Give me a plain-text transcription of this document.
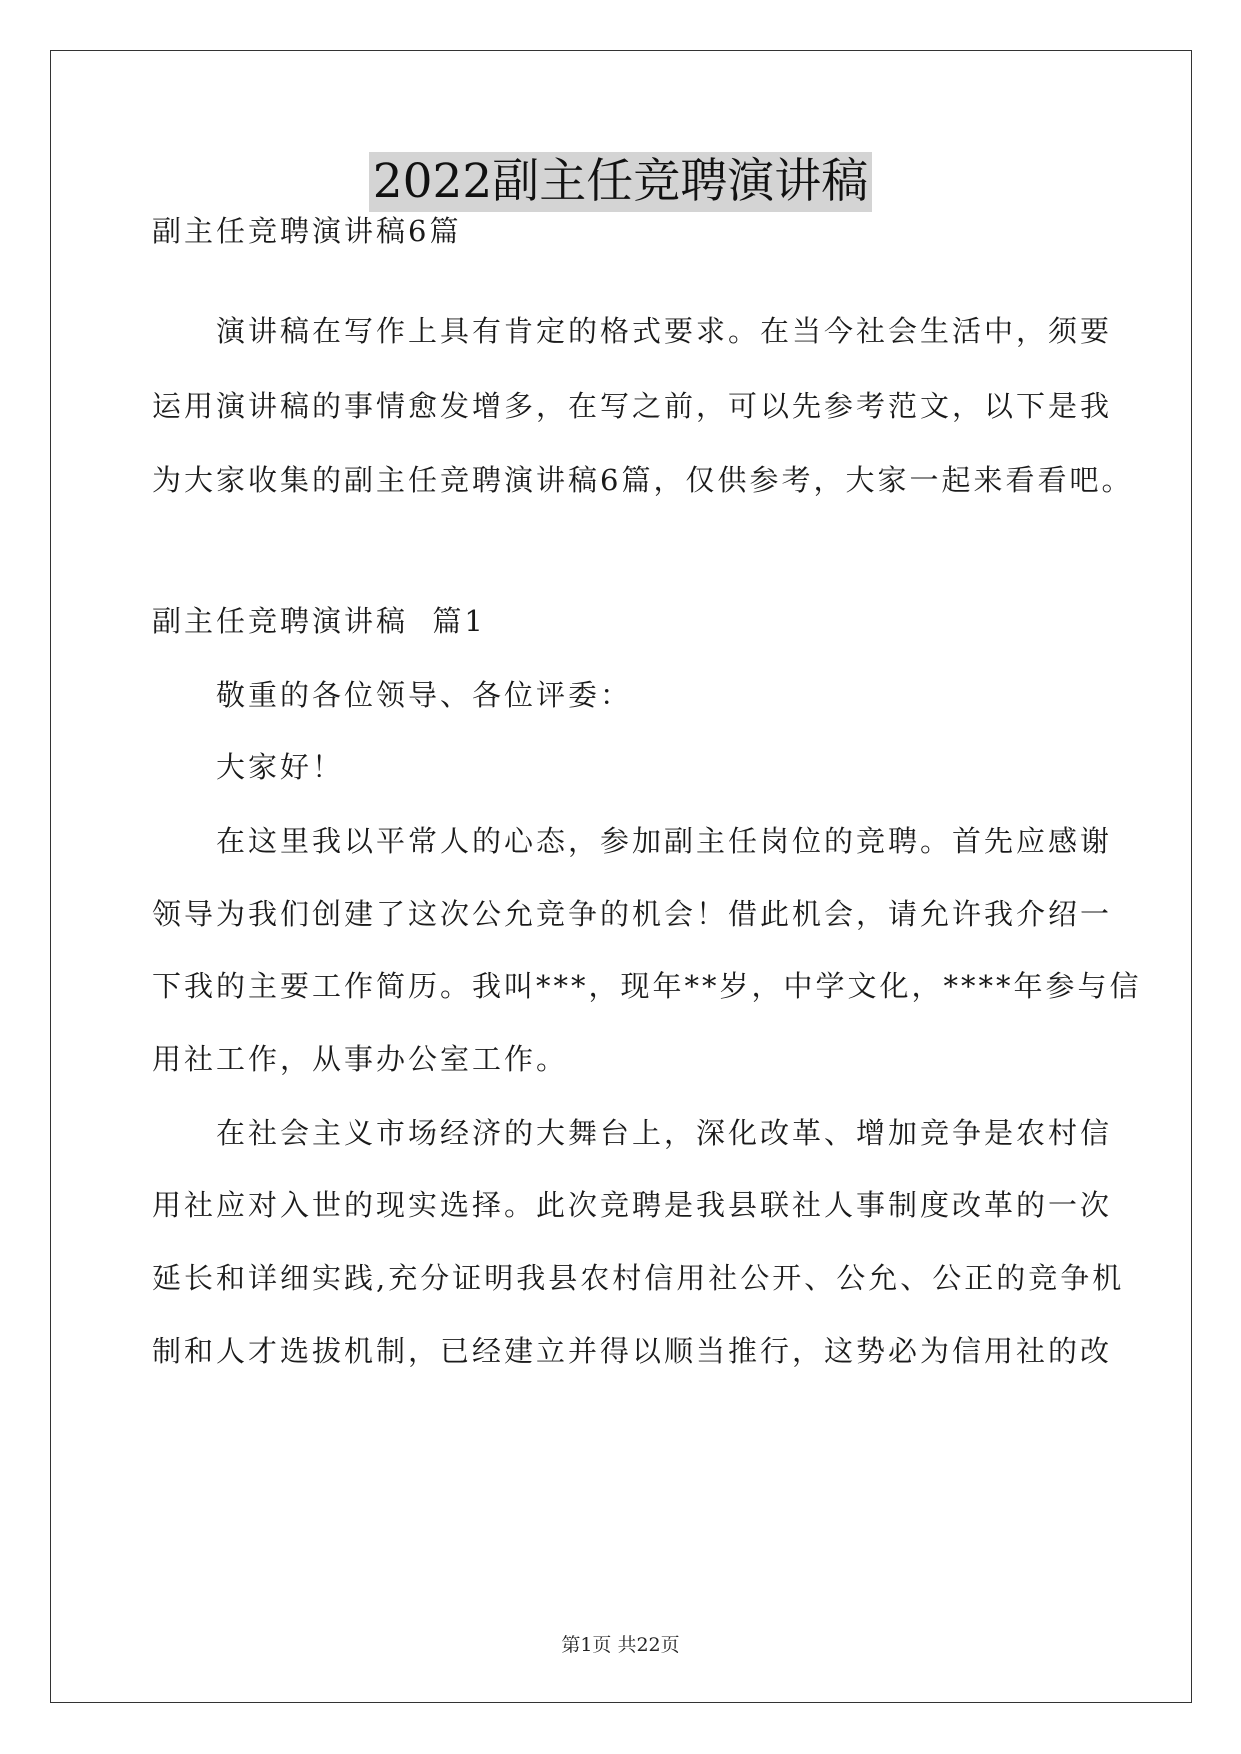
2022副主任竞聘演讲稿

副主任竞聘演讲稿6篇

　　演讲稿在写作上具有肯定的格式要求。在当今社会生活中，须要

运用演讲稿的事情愈发增多，在写之前，可以先参考范文，以下是我

为大家收集的副主任竞聘演讲稿6篇，仅供参考，大家一起来看看吧。

副主任竞聘演讲稿  篇1

　　敬重的各位领导、各位评委：

　　大家好！

　　在这里我以平常人的心态，参加副主任岗位的竞聘。首先应感谢

领导为我们创建了这次公允竞争的机会！借此机会，请允许我介绍一

下我的主要工作简历。我叫***，现年**岁，中学文化，****年参与信

用社工作，从事办公室工作。

　　在社会主义市场经济的大舞台上，深化改革、增加竞争是农村信

用社应对入世的现实选择。此次竞聘是我县联社人事制度改革的一次

延长和详细实践,充分证明我县农村信用社公开、公允、公正的竞争机

制和人才选拔机制，已经建立并得以顺当推行，这势必为信用社的改

第1页 共22页
